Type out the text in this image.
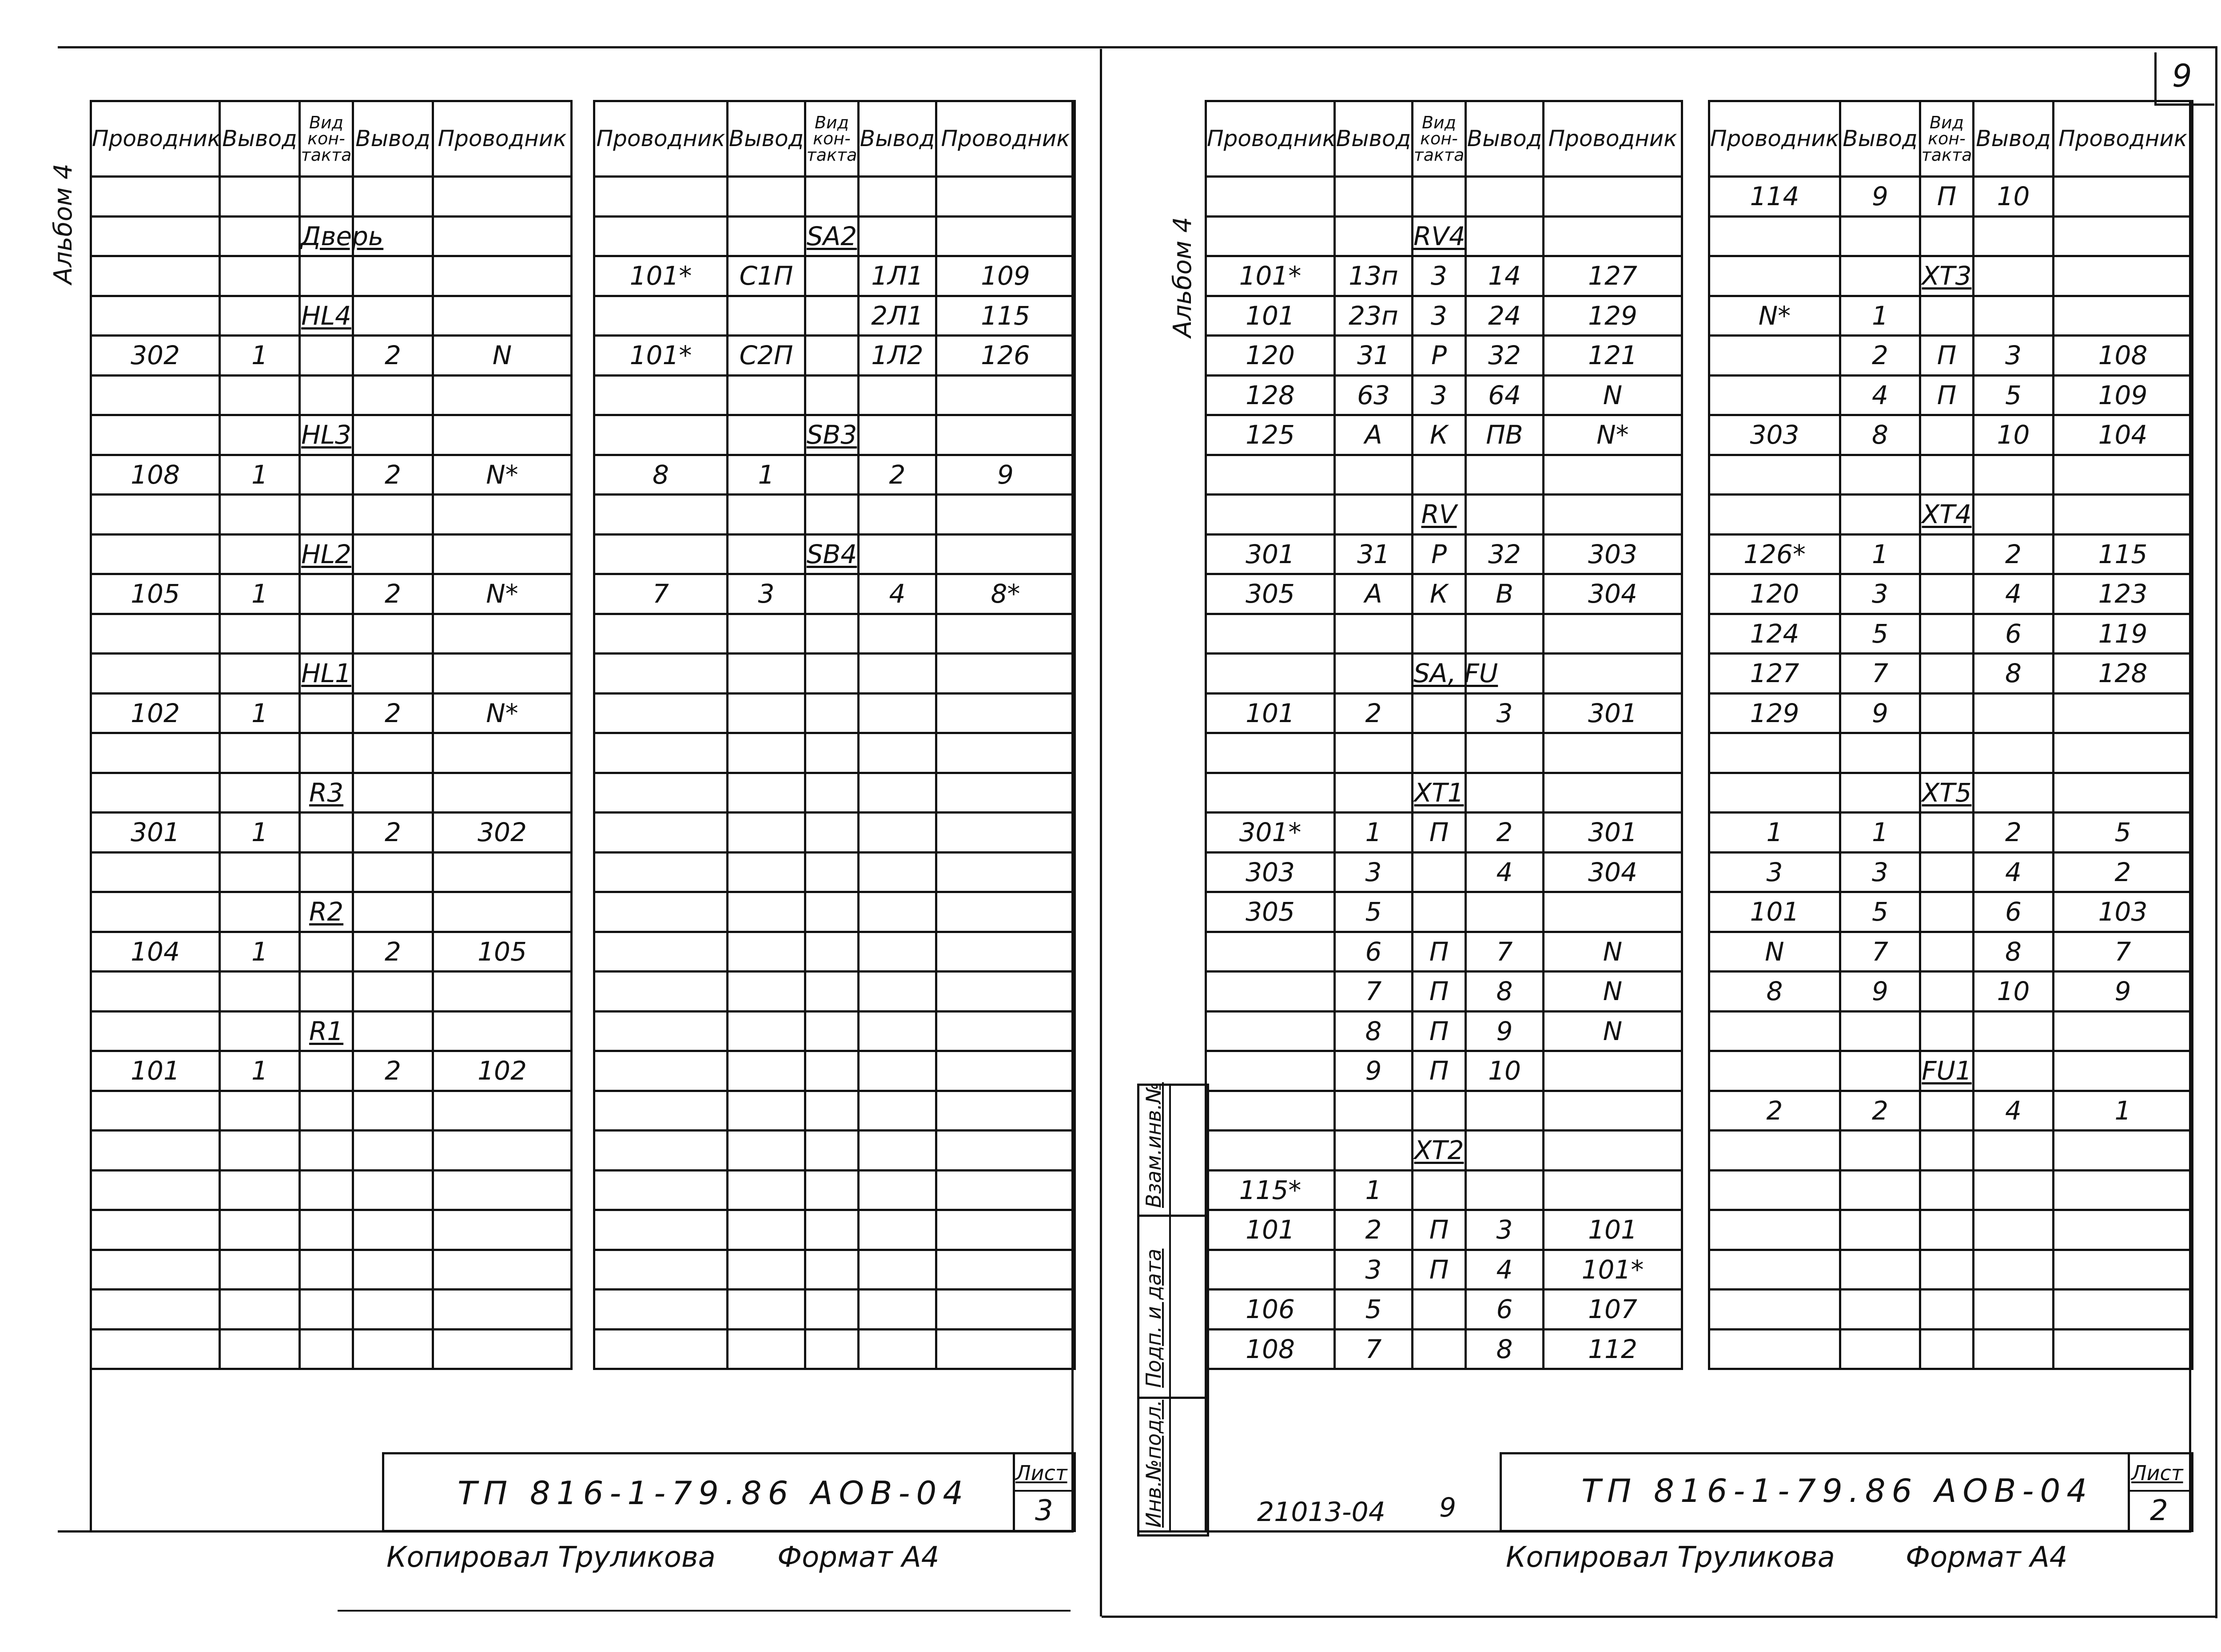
9
Альбом 4
Проводник	Вывод	Вид
кон-
такта	Вывод	Проводник

		Дверь		

		HL4		
302	1		2	N

		HL3		
108	1		2	N*

		HL2		
105	1		2	N*

		HL1		
102	1		2	N*

		R3		
301	1		2	302

		R2		
104	1		2	105

		R1		
101	1		2	102

Проводник	Вывод	Вид
кон-
такта	Вывод	Проводник

		SA2		
101*	C1П		1Л1	109
			2Л1	115
101*	C2П		1Л2	126

		SB3		
8	1		2	9

		SB4		
7	3		4	8*

ТП 816-1-79.86 АОВ-04
Лист
3
Копировал Труликова Формат А4
Альбом 4
Проводник	Вывод	Вид
кон-
такта	Вывод	Проводник

		RV4		
101*	13п	3	14	127
101	23п	3	24	129
120	31	Р	32	121
128	63	3	64	N
125	А	К	ПВ	N*

		RV		
301	31	Р	32	303
305	А	К	В	304

		SA, FU		
101	2		3	301

		XT1		
301*	1	П	2	301
303	3		4	304
305	5			
	6	П	7	N
	7	П	8	N
	8	П	9	N
	9	П	10	

		XT2		
115*	1			
101	2	П	3	101
	3	П	4	101*
106	5		6	107
108	7		8	112
Проводник	Вывод	Вид
кон-
такта	Вывод	Проводник
114	9	П	10	

		XT3		
N*	1			
	2	П	3	108
	4	П	5	109
303	8		10	104

		XT4		
126*	1		2	115
120	3		4	123
124	5		6	119
127	7		8	128
129	9			

		XT5		
1	1		2	5
3	3		4	2
101	5		6	103
N	7		8	7
8	9		10	9

		FU1		
2	2		4	1

Взам.инв.№
Подп. и дата
Инв.№подл.	21013-04 9	ТП 816-1-79.86 АОВ-04 Лист
2
Копировал Труликова Формат А4
